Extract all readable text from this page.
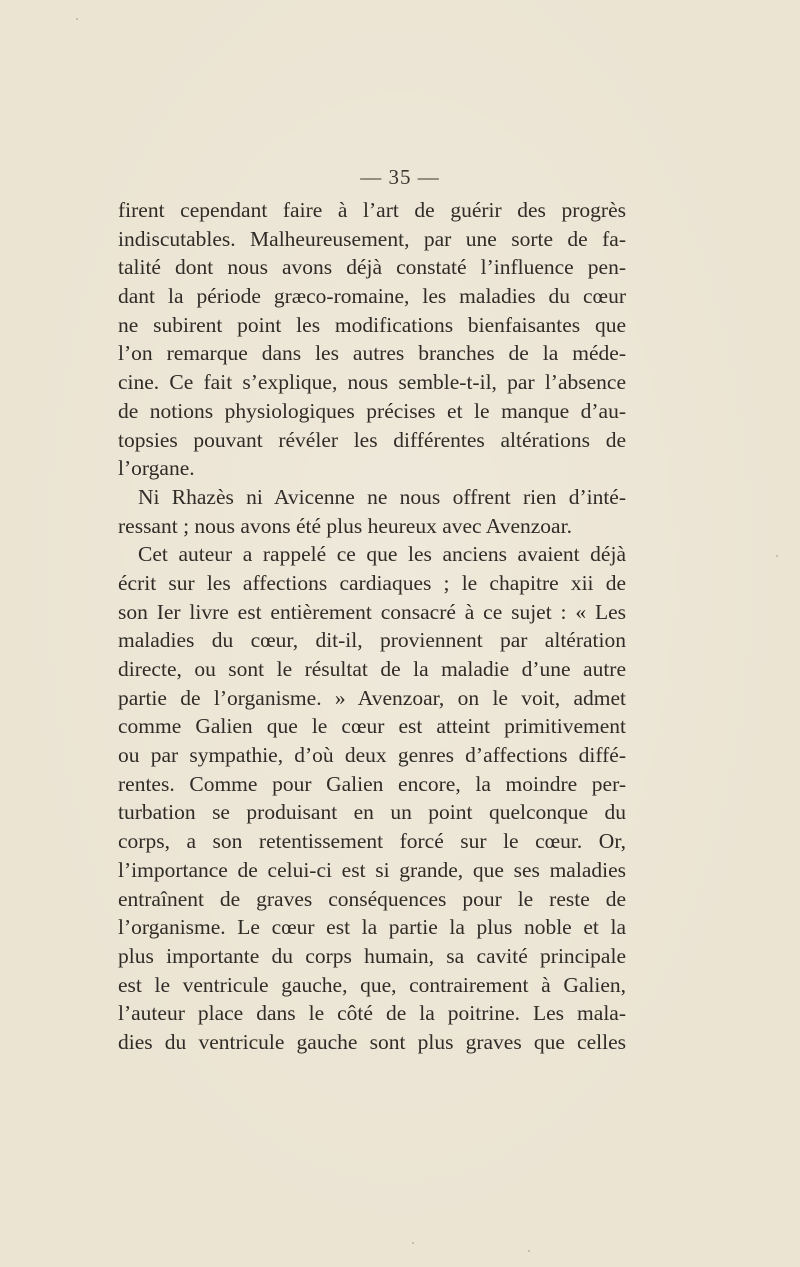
— 35 —
firent cependant faire à l’art de guérir des progrès
indiscutables. Malheureusement, par une sorte de fa-
talité dont nous avons déjà constaté l’influence pen-
dant la période græco-romaine, les maladies du cœur
ne subirent point les modifications bienfaisantes que
l’on remarque dans les autres branches de la méde-
cine. Ce fait s’explique, nous semble-t-il, par l’absence
de notions physiologiques précises et le manque d’au-
topsies pouvant révéler les différentes altérations de
l’organe.
Ni Rhazès ni Avicenne ne nous offrent rien d’inté-
ressant ; nous avons été plus heureux avec Avenzoar.
Cet auteur a rappelé ce que les anciens avaient déjà
écrit sur les affections cardiaques ; le chapitre xii de
son Ier livre est entièrement consacré à ce sujet : « Les
maladies du cœur, dit-il, proviennent par altération
directe, ou sont le résultat de la maladie d’une autre
partie de l’organisme. » Avenzoar, on le voit, admet
comme Galien que le cœur est atteint primitivement
ou par sympathie, d’où deux genres d’affections diffé-
rentes. Comme pour Galien encore, la moindre per-
turbation se produisant en un point quelconque du
corps, a son retentissement forcé sur le cœur. Or,
l’importance de celui-ci est si grande, que ses maladies
entraînent de graves conséquences pour le reste de
l’organisme. Le cœur est la partie la plus noble et la
plus importante du corps humain, sa cavité principale
est le ventricule gauche, que, contrairement à Galien,
l’auteur place dans le côté de la poitrine. Les mala-
dies du ventricule gauche sont plus graves que celles
